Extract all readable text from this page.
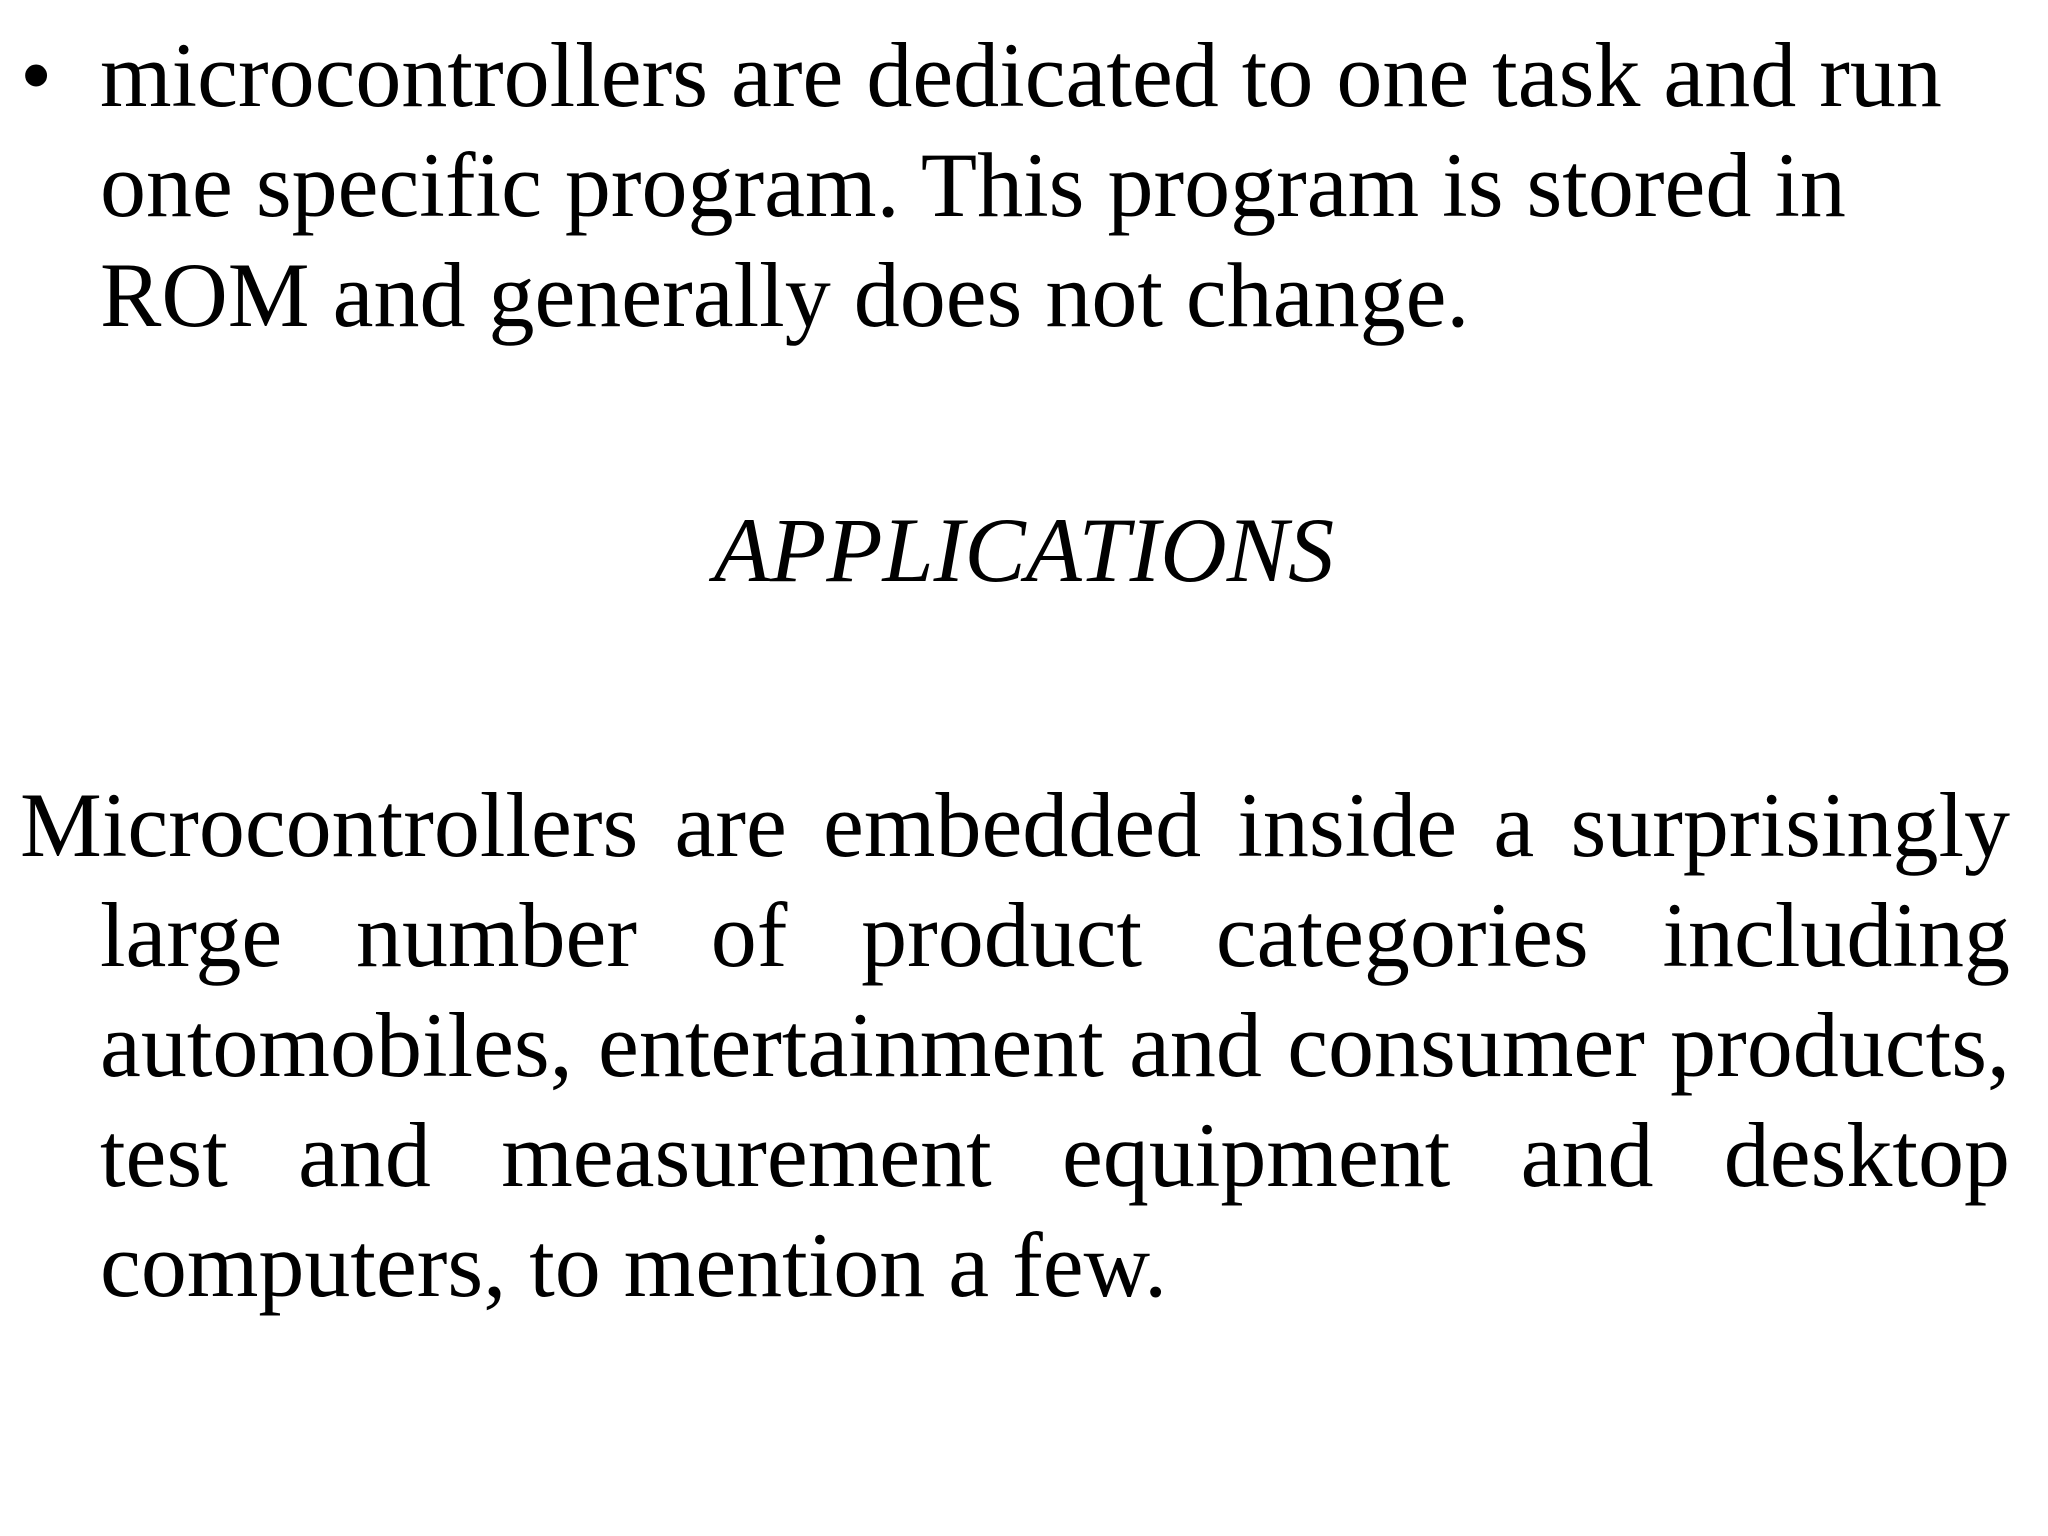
• microcontrollers are dedicated to one task and run one specific program. This program is stored in ROM and generally does not change.
APPLICATIONS
Microcontrollers are embedded inside a surprisingly large number of product categories including automobiles, entertainment and consumer products, test and measurement equipment and desktop computers, to mention a few.
